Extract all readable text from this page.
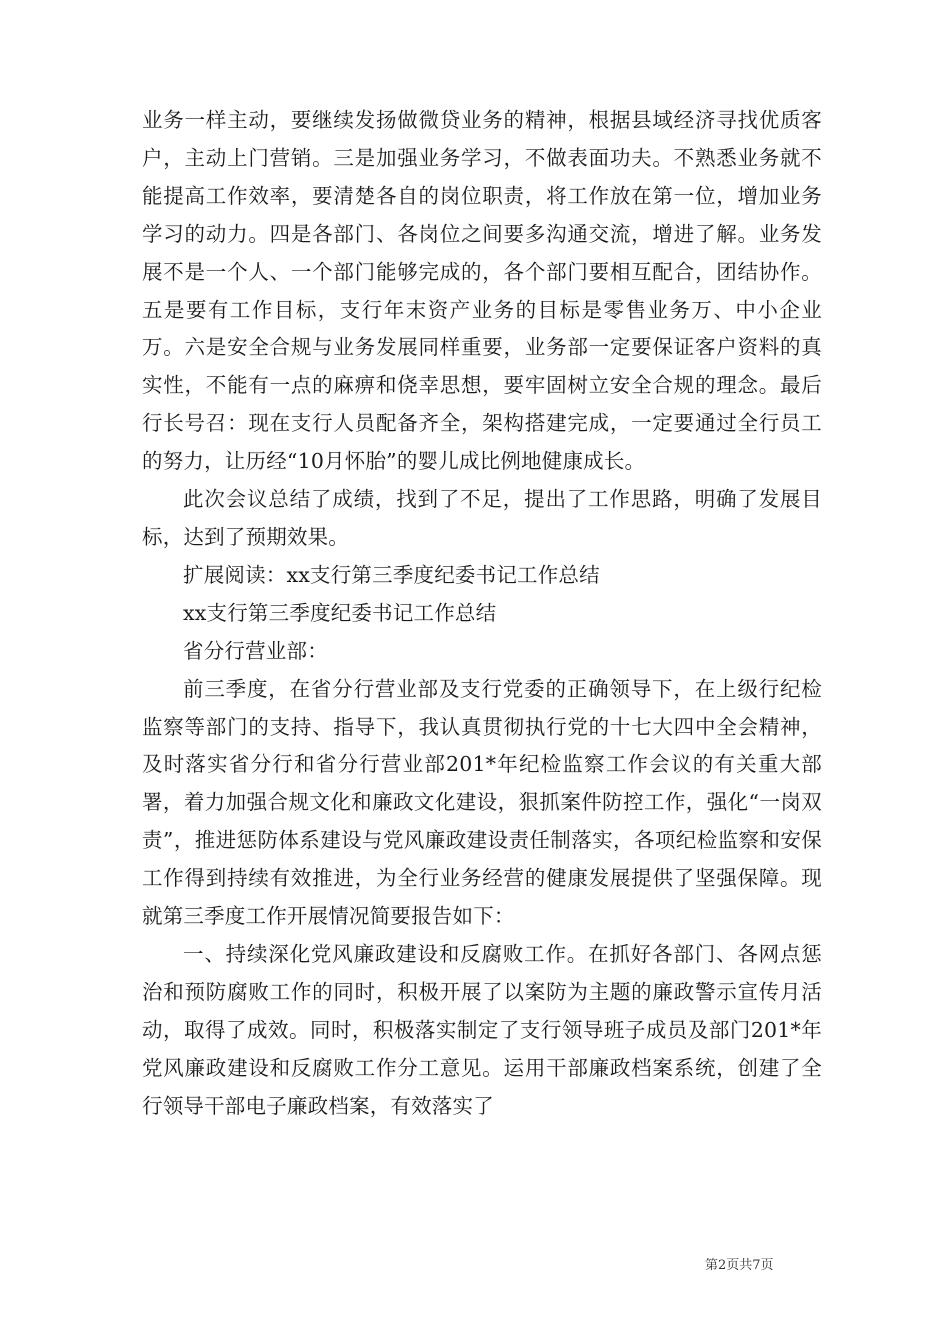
业务一样主动，要继续发扬做微贷业务的精神，根据县域经济寻找优质客户，主动上门营销。三是加强业务学习，不做表面功夫。不熟悉业务就不能提高工作效率，要清楚各自的岗位职责，将工作放在第一位，增加业务学习的动力。四是各部门、各岗位之间要多沟通交流，增进了解。业务发展不是一个人、一个部门能够完成的，各个部门要相互配合，团结协作。五是要有工作目标，支行年末资产业务的目标是零售业务万、中小企业万。六是安全合规与业务发展同样重要，业务部一定要保证客户资料的真实性，不能有一点的麻痹和侥幸思想，要牢固树立安全合规的理念。最后行长号召：现在支行人员配备齐全，架构搭建完成，一定要通过全行员工的努力，让历经“10月怀胎”的婴儿成比例地健康成长。

此次会议总结了成绩，找到了不足，提出了工作思路，明确了发展目标，达到了预期效果。

扩展阅读：xx支行第三季度纪委书记工作总结

xx支行第三季度纪委书记工作总结

省分行营业部：

前三季度，在省分行营业部及支行党委的正确领导下，在上级行纪检监察等部门的支持、指导下，我认真贯彻执行党的十七大四中全会精神，及时落实省分行和省分行营业部201*年纪检监察工作会议的有关重大部署，着力加强合规文化和廉政文化建设，狠抓案件防控工作，强化“一岗双责”，推进惩防体系建设与党风廉政建设责任制落实，各项纪检监察和安保工作得到持续有效推进，为全行业务经营的健康发展提供了坚强保障。现就第三季度工作开展情况简要报告如下：

一、持续深化党风廉政建设和反腐败工作。在抓好各部门、各网点惩治和预防腐败工作的同时，积极开展了以案防为主题的廉政警示宣传月活动，取得了成效。同时，积极落实制定了支行领导班子成员及部门201*年党风廉政建设和反腐败工作分工意见。运用干部廉政档案系统，创建了全行领导干部电子廉政档案，有效落实了

第2页共7页
